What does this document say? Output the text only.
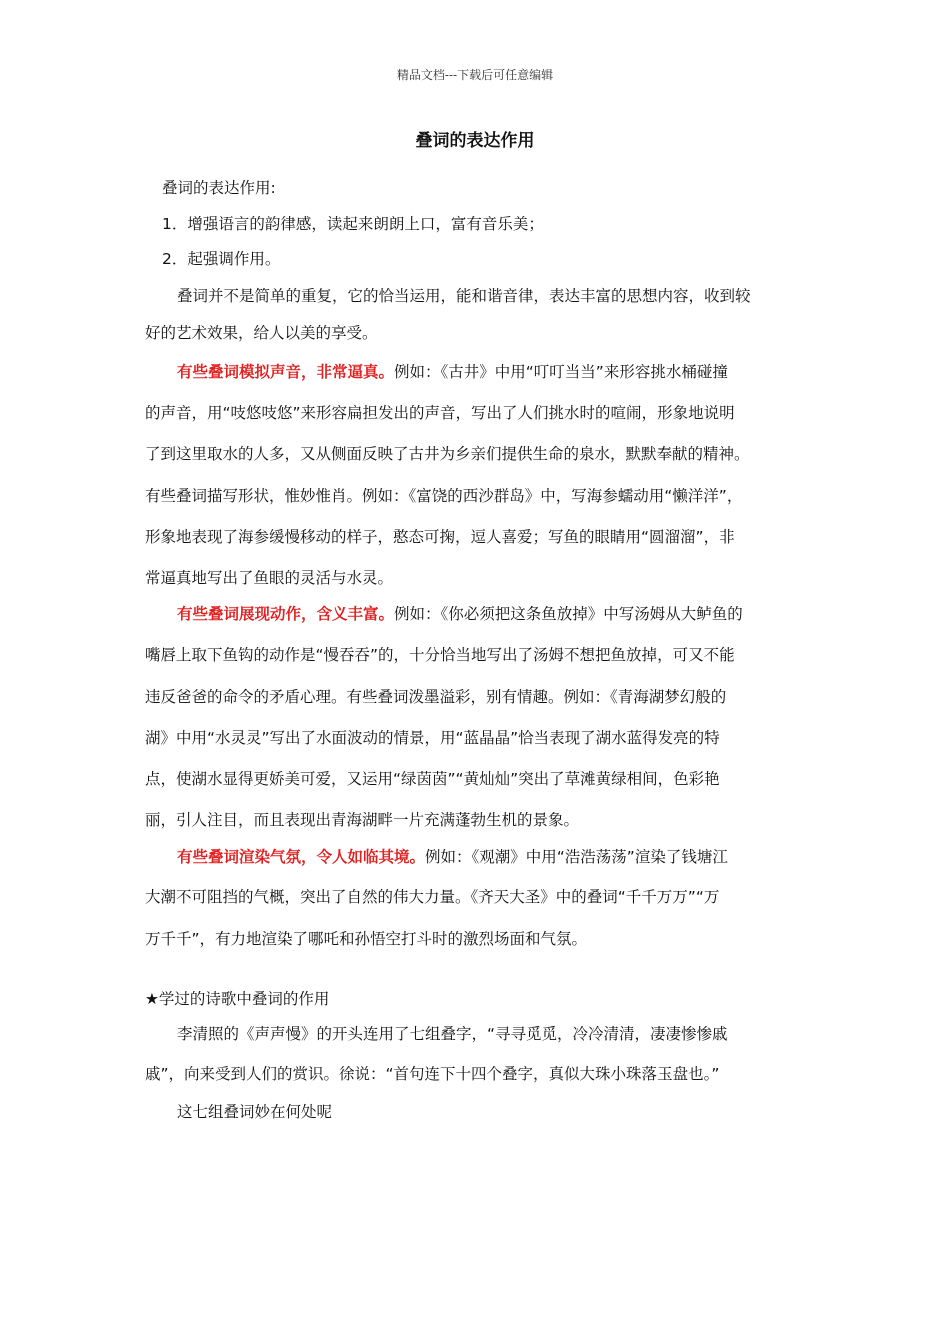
精品文档---下载后可任意编辑
叠词的表达作用
叠词的表达作用:
1．增强语言的韵律感，读起来朗朗上口，富有音乐美；
2．起强调作用。
叠词并不是简单的重复，它的恰当运用，能和谐音律，表达丰富的思想内容，收到较
好的艺术效果，给人以美的享受。
有些叠词模拟声音，非常逼真。例如：《古井》中用“叮叮当当”来形容挑水桶碰撞
的声音，用“吱悠吱悠”来形容扁担发出的声音，写出了人们挑水时的喧闹，形象地说明
了到这里取水的人多，又从侧面反映了古井为乡亲们提供生命的泉水，默默奉献的精神。
有些叠词描写形状，惟妙惟肖。例如：《富饶的西沙群岛》中，写海参蠕动用“懒洋洋”，
形象地表现了海参缓慢移动的样子，憨态可掬，逗人喜爱；写鱼的眼睛用“圆溜溜”，非
常逼真地写出了鱼眼的灵活与水灵。
有些叠词展现动作，含义丰富。例如：《你必须把这条鱼放掉》中写汤姆从大鲈鱼的
嘴唇上取下鱼钩的动作是“慢吞吞”的，十分恰当地写出了汤姆不想把鱼放掉，可又不能
违反爸爸的命令的矛盾心理。有些叠词泼墨溢彩，别有情趣。例如：《青海湖梦幻般的
湖》中用“水灵灵”写出了水面波动的情景，用“蓝晶晶”恰当表现了湖水蓝得发亮的特
点，使湖水显得更娇美可爱，又运用“绿茵茵”“黄灿灿”突出了草滩黄绿相间，色彩艳
丽，引人注目，而且表现出青海湖畔一片充满蓬勃生机的景象。
有些叠词渲染气氛，令人如临其境。例如：《观潮》中用“浩浩荡荡”渲染了钱塘江
大潮不可阻挡的气概，突出了自然的伟大力量。《齐天大圣》中的叠词“千千万万”“万
万千千”，有力地渲染了哪吒和孙悟空打斗时的激烈场面和气氛。
★学过的诗歌中叠词的作用
李清照的《声声慢》的开头连用了七组叠字，“寻寻觅觅，冷冷清清，凄凄惨惨戚
戚”，向来受到人们的赏识。徐说：“首句连下十四个叠字，真似大珠小珠落玉盘也。”
这七组叠词妙在何处呢
